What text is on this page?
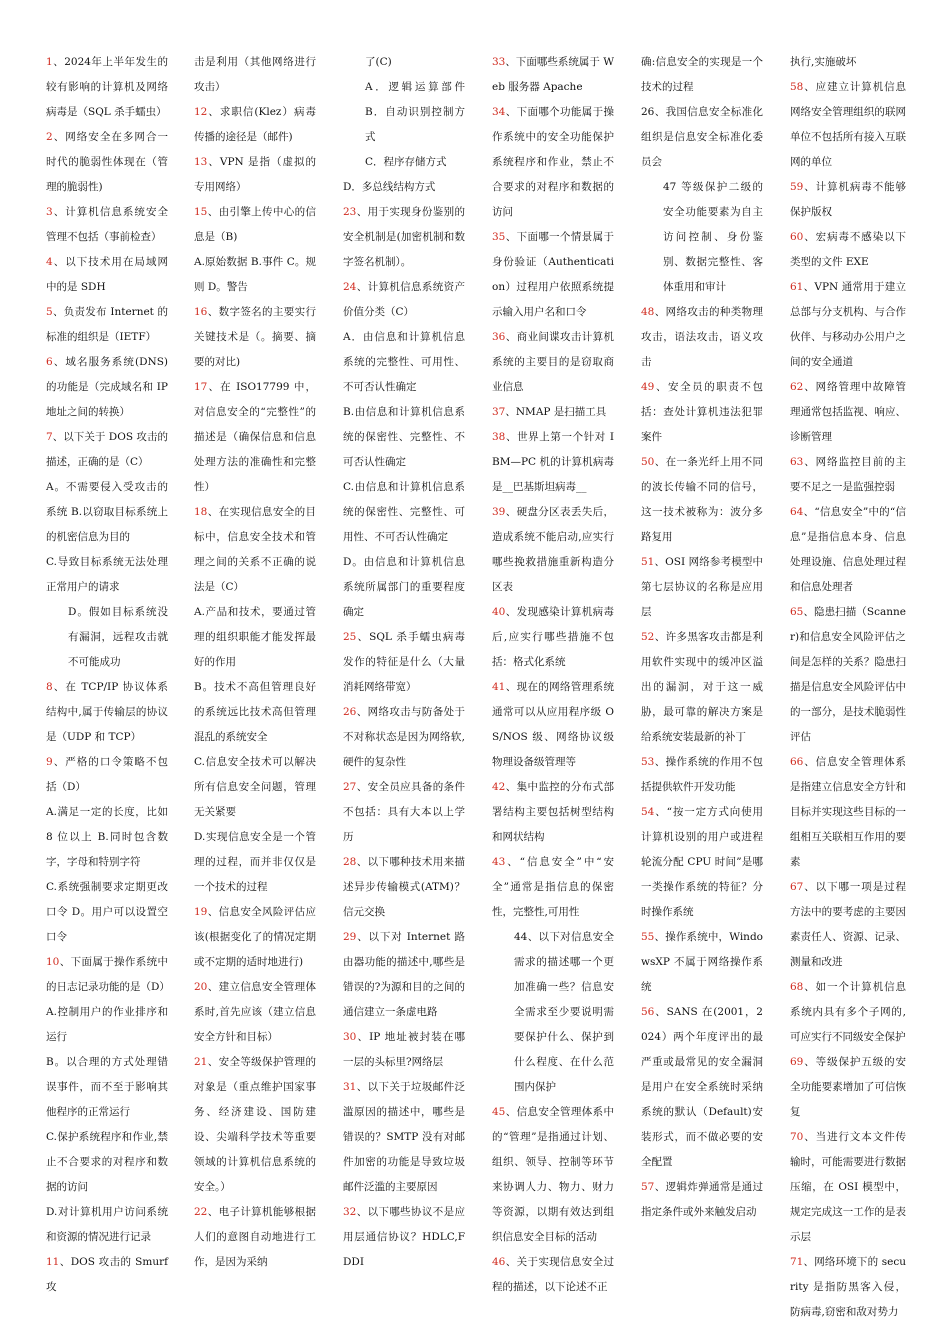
1、2024年上半年发生的较有影响的计算机及网络病毒是（SQL 杀手蠕虫）

2、网络安全在多网合一时代的脆弱性体现在（管理的脆弱性)

3、计算机信息系统安全管理不包括（事前检查）

4、以下技术用在局域网中的是 SDH

5、负责发布 Internet 的标准的组织是（IETF）

6、域名服务系统(DNS)的功能是（完成域名和 IP 地址之间的转换）

7、以下关于 DOS 攻击的描述，正确的是（C）

A。不需要侵入受攻击的系统 B.以窃取目标系统上的机密信息为目的

C.导致目标系统无法处理正常用户的请求

D。假如目标系统没有漏洞，远程攻击就不可能成功

8、在 TCP/IP 协议体系结构中,属于传输层的协议是（UDP 和 TCP）

9、严格的口令策略不包括（D）

A.满足一定的长度，比如 8 位以上 B.同时包含数字，字母和特别字符

C.系统强制要求定期更改口令 D。用户可以设置空口令

10、下面属于操作系统中的日志记录功能的是（D）

A.控制用户的作业排序和运行

B。以合理的方式处理错误事件，而不至于影响其他程序的正常运行

C.保护系统程序和作业,禁止不合要求的对程序和数据的访问

D.对计算机用户访问系统和资源的情况进行记录

11、DOS 攻击的 Smurf 攻

击是利用（其他网络进行攻击）

12、求职信(Klez）病毒传播的途径是（邮件)

13、VPN 是指（虚拟的专用网络）

15、由引擎上传中心的信息是（B)

A.原始数据 B.事件 C。规则 D。警告

16、数字签名的主要实行关键技术是（。摘要、摘要的对比)

17、在 ISO17799 中，对信息安全的“完整性”的描述是（确保信息和信息处理方法的准确性和完整性）

18、在实现信息安全的目标中，信息安全技术和管理之间的关系不正确的说法是（C）

A.产品和技术，要通过管理的组织职能才能发挥最好的作用

B。技术不高但管理良好的系统远比技术高但管理混乱的系统安全

C.信息安全技术可以解决所有信息安全问题，管理无关紧要

D.实现信息安全是一个管理的过程，而并非仅仅是一个技术的过程

19、信息安全风险评估应该(根据变化了的情况定期或不定期的适时地进行)

20、建立信息安全管理体系时,首先应该（建立信息安全方针和目标）

21、安全等级保护管理的对象是（重点维护国家事务、经济建设、国防建设、尖端科学技术等重要领域的计算机信息系统的安全。）

22、电子计算机能够根据人们的意图自动地进行工作，是因为采纳

了(C)

A．逻辑运算部件 B．自动识别控制方式

C．程序存储方式

D．多总线结构方式

23、用于实现身份鉴别的安全机制是(加密机制和数字签名机制）。

24、计算机信息系统资产价值分类（C）

A．由信息和计算机信息系统的完整性、可用性、不可否认性确定

B.由信息和计算机信息系统的保密性、完整性、不可否认性确定

C.由信息和计算机信息系统的保密性、完整性、可用性、不可否认性确定

D。由信息和计算机信息系统所属部门的重要程度确定

25、SQL 杀手蠕虫病毒发作的特征是什么（大量消耗网络带宽）

26、网络攻击与防备处于不对称状态是因为网络软,硬件的复杂性

27、安全员应具备的条件不包括：具有大本以上学历

28、以下哪种技术用来描述异步传输模式(ATM)？信元交换

29、以下对 Internet 路由器功能的描述中,哪些是错误的?为源和目的之间的通信建立一条虚电路

30、IP 地址被封装在哪一层的头标里?网络层

31、以下关于垃圾邮件泛滥原因的描述中，哪些是错误的？SMTP 没有对邮件加密的功能是导致垃圾邮件泛滥的主要原因

32、以下哪些协议不是应用层通信协议？HDLC,FDDI

33、下面哪些系统属于 Web 服务器 Apache

34、下面哪个功能属于操作系统中的安全功能保护系统程序和作业，禁止不合要求的对程序和数据的访问

35、下面哪一个情景属于身份验证（Authentication）过程用户依照系统提示输入用户名和口令

36、商业间谍攻击计算机系统的主要目的是窃取商业信息

37、NMAP 是扫描工具

38、世界上第一个针对 IBM—PC 机的计算机病毒是__巴基斯坦病毒__

39、硬盘分区表丢失后，造成系统不能启动,应实行哪些挽救措施重新构造分区表

40、发现感染计算机病毒后,应实行哪些措施不包括：格式化系统

41、现在的网络管理系统通常可以从应用程序级 OS/NOS 级、网络协议级物理设备级管理等

42、集中监控的分布式部署结构主要包括树型结构和网状结构

43、“信息安全”中“安全”通常是指信息的保密性，完整性,可用性

44、以下对信息安全需求的描述哪一个更加准确一些？信息安全需求至少要说明需要保护什么、保护到什么程度、在什么范围内保护

45、信息安全管理体系中的“管理”是指通过计划、组织、领导、控制等环节来协调人力、物力、财力等资源，以期有效达到组织信息安全目标的活动

46、关于实现信息安全过程的描述，以下论述不正

确:信息安全的实现是一个技术的过程

26、我国信息安全标准化组织是信息安全标准化委员会

47 等级保护二级的安全功能要素为自主访问控制、身份鉴别、数据完整性、客体重用和审计

48、网络攻击的种类物理攻击，语法攻击，语义攻击

49、安全员的职责不包括：查处计算机违法犯罪案件

50、在一条光纤上用不同的波长传输不同的信号，这一技术被称为：波分多路复用

51、OSI 网络参考模型中第七层协议的名称是应用层

52、许多黑客攻击都是利用软件实现中的缓冲区溢出的漏洞，对于这一威胁，最可靠的解决方案是给系统安装最新的补丁

53、操作系统的作用不包括提供软件开发功能

54、“按一定方式向使用计算机设别的用户或进程轮流分配 CPU 时间”是哪一类操作系统的特征？分时操作系统

55、操作系统中，WindowsXP 不属于网络操作系统

56、SANS 在(2001，2024）两个年度评出的最严重或最常见的安全漏洞是用户在安全系统时采纳系统的默认（Default)安装形式，而不做必要的安全配置

57、逻辑炸弹通常是通过指定条件或外来触发启动

执行,实施破坏

58、应建立计算机信息网络安全管理组织的联网单位不包括所有接入互联网的单位

59、计算机病毒不能够保护版权

60、宏病毒不感染以下类型的文件 EXE

61、VPN 通常用于建立总部与分支机构、与合作伙伴、与移动办公用户之间的安全通道

62、网络管理中故障管理通常包括监视、响应、诊断管理

63、网络监控目前的主要不足之一是监强控弱

64、“信息安全”中的“信息”是指信息本身、信息处理设施、信息处理过程和信息处理者

65、隐患扫描（Scanner)和信息安全风险评估之间是怎样的关系？隐患扫描是信息安全风险评估中的一部分，是技术脆弱性评估

66、信息安全管理体系是指建立信息安全方针和目标并实现这些目标的一组相互关联相互作用的要素

67、以下哪一项是过程方法中的要考虑的主要因素责任人、资源、记录、测量和改进

68、如一个计算机信息系统内具有多个子网的,可应实行不同级安全保护

69、等级保护五级的安全功能要素增加了可信恢复

70、当进行文本文件传输时，可能需要进行数据压缩，在 OSI 模型中，规定完成这一工作的是表示层

71、网络环境下的 security 是指防黑客入侵，防病毒,窃密和敌对势力
